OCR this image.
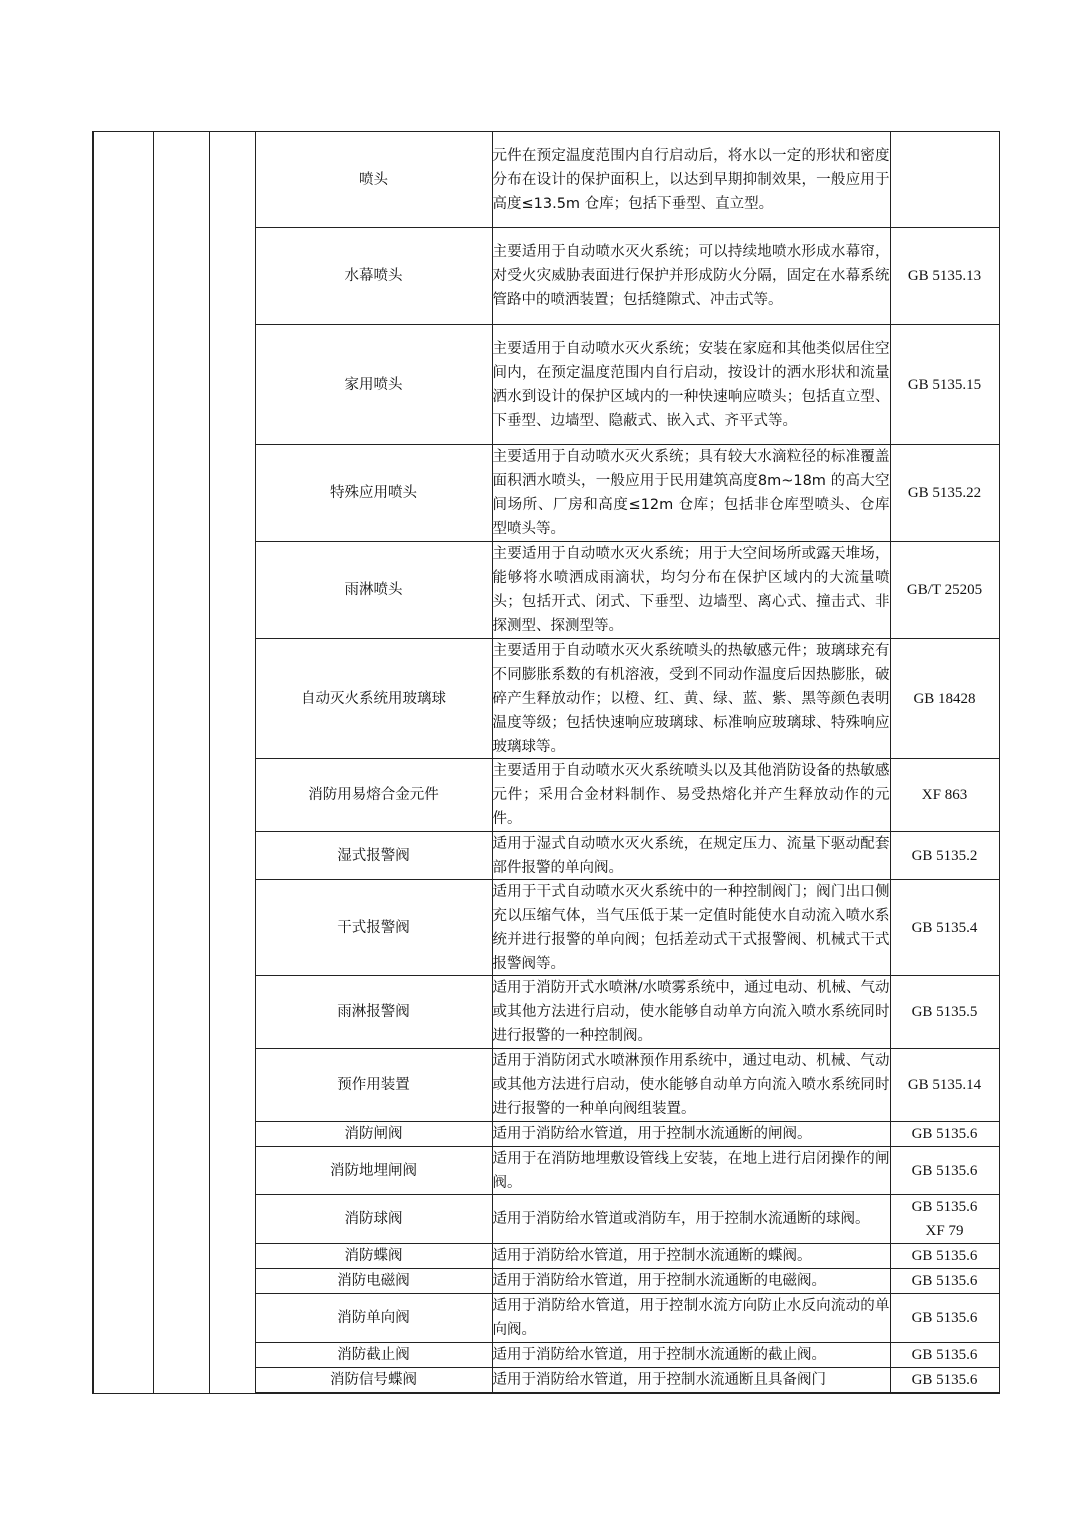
			喷头	元件在预定温度范围内自行启动后，将水以一定的形状和密度分布在设计的保护面积上，以达到早期抑制效果，一般应用于高度≤13.5m 仓库；包括下垂型、直立型。	

			水幕喷头	主要适用于自动喷水灭火系统；可以持续地喷水形成水幕帘，对受火灾威胁表面进行保护并形成防火分隔，固定在水幕系统管路中的喷洒装置；包括缝隙式、冲击式等。	GB 5135.13

			家用喷头	主要适用于自动喷水灭火系统；安装在家庭和其他类似居住空间内，在预定温度范围内自行启动，按设计的洒水形状和流量洒水到设计的保护区域内的一种快速响应喷头；包括直立型、下垂型、边墙型、隐蔽式、嵌入式、齐平式等。	GB 5135.15

			特殊应用喷头	主要适用于自动喷水灭火系统；具有较大水滴粒径的标准覆盖面积洒水喷头，一般应用于民用建筑高度8m~18m 的高大空间场所、厂房和高度≤12m 仓库；包括非仓库型喷头、仓库型喷头等。	GB 5135.22

			雨淋喷头	主要适用于自动喷水灭火系统；用于大空间场所或露天堆场，能够将水喷洒成雨滴状，均匀分布在保护区域内的大流量喷头；包括开式、闭式、下垂型、边墙型、离心式、撞击式、非探测型、探测型等。	GB/T 25205

			自动灭火系统用玻璃球	主要适用于自动喷水灭火系统喷头的热敏感元件；玻璃球充有不同膨胀系数的有机溶液，受到不同动作温度后因热膨胀，破碎产生释放动作；以橙、红、黄、绿、蓝、紫、黑等颜色表明温度等级；包括快速响应玻璃球、标准响应玻璃球、特殊响应玻璃球等。	GB 18428

			消防用易熔合金元件	主要适用于自动喷水灭火系统喷头以及其他消防设备的热敏感元件；采用合金材料制作、易受热熔化并产生释放动作的元件。	XF 863

			湿式报警阀	适用于湿式自动喷水灭火系统，在规定压力、流量下驱动配套部件报警的单向阀。	GB 5135.2

			干式报警阀	适用于干式自动喷水灭火系统中的一种控制阀门；阀门出口侧充以压缩气体，当气压低于某一定值时能使水自动流入喷水系统并进行报警的单向阀；包括差动式干式报警阀、机械式干式报警阀等。	GB 5135.4

			雨淋报警阀	适用于消防开式水喷淋/水喷雾系统中，通过电动、机械、气动或其他方法进行启动，使水能够自动单方向流入喷水系统同时进行报警的一种控制阀。	GB 5135.5

			预作用装置	适用于消防闭式水喷淋预作用系统中，通过电动、机械、气动或其他方法进行启动，使水能够自动单方向流入喷水系统同时进行报警的一种单向阀组装置。	GB 5135.14

			消防闸阀	适用于消防给水管道，用于控制水流通断的闸阀。	GB 5135.6

			消防地埋闸阀	适用于在消防地埋敷设管线上安装，在地上进行启闭操作的闸阀。	GB 5135.6

			消防球阀	适用于消防给水管道或消防车，用于控制水流通断的球阀。	GB 5135.6
XF 79

			消防蝶阀	适用于消防给水管道，用于控制水流通断的蝶阀。	GB 5135.6

			消防电磁阀	适用于消防给水管道，用于控制水流通断的电磁阀。	GB 5135.6

			消防单向阀	适用于消防给水管道，用于控制水流方向防止水反向流动的单向阀。	GB 5135.6

			消防截止阀	适用于消防给水管道，用于控制水流通断的截止阀。	GB 5135.6

			消防信号蝶阀	适用于消防给水管道，用于控制水流通断且具备阀门	GB 5135.6
